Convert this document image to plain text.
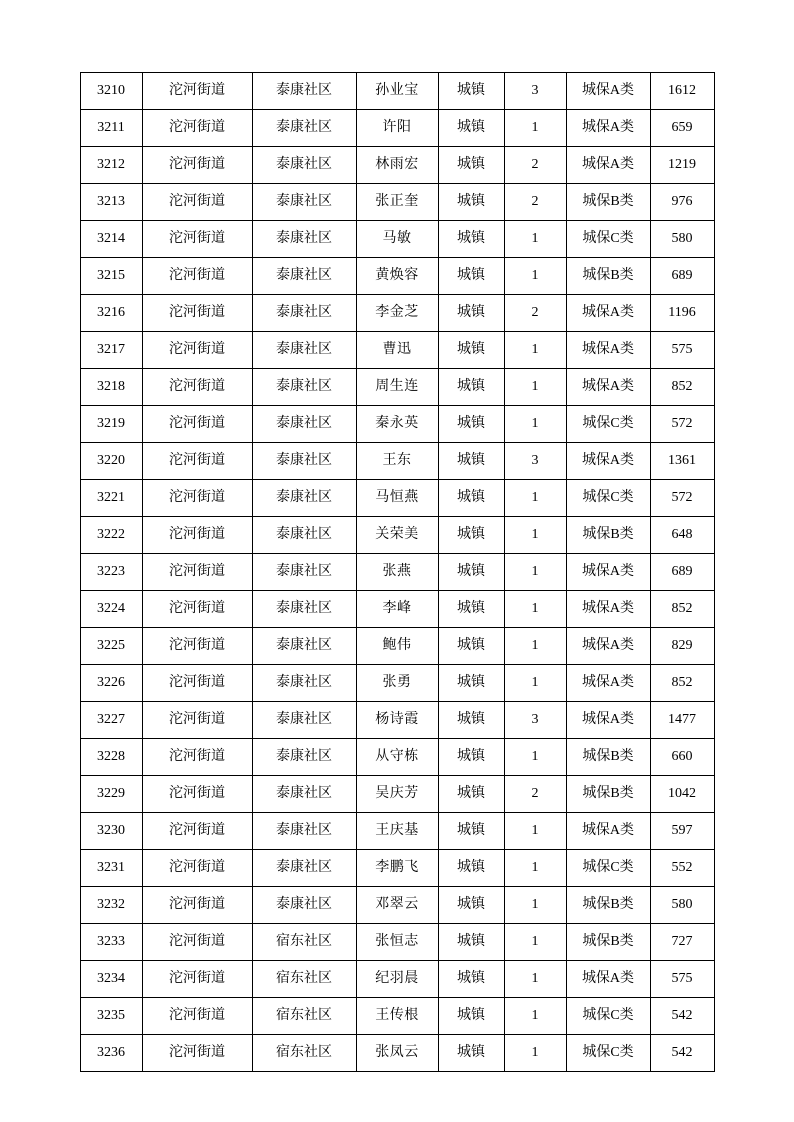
3210	沱河街道	泰康社区	孙业宝	城镇	3	城保A类	1612
3211	沱河街道	泰康社区	许阳	城镇	1	城保A类	659
3212	沱河街道	泰康社区	林雨宏	城镇	2	城保A类	1219
3213	沱河街道	泰康社区	张正奎	城镇	2	城保B类	976
3214	沱河街道	泰康社区	马敏	城镇	1	城保C类	580
3215	沱河街道	泰康社区	黄焕容	城镇	1	城保B类	689
3216	沱河街道	泰康社区	李金芝	城镇	2	城保A类	1196
3217	沱河街道	泰康社区	曹迅	城镇	1	城保A类	575
3218	沱河街道	泰康社区	周生连	城镇	1	城保A类	852
3219	沱河街道	泰康社区	秦永英	城镇	1	城保C类	572
3220	沱河街道	泰康社区	王东	城镇	3	城保A类	1361
3221	沱河街道	泰康社区	马恒燕	城镇	1	城保C类	572
3222	沱河街道	泰康社区	关荣美	城镇	1	城保B类	648
3223	沱河街道	泰康社区	张燕	城镇	1	城保A类	689
3224	沱河街道	泰康社区	李峰	城镇	1	城保A类	852
3225	沱河街道	泰康社区	鲍伟	城镇	1	城保A类	829
3226	沱河街道	泰康社区	张勇	城镇	1	城保A类	852
3227	沱河街道	泰康社区	杨诗霞	城镇	3	城保A类	1477
3228	沱河街道	泰康社区	从守栋	城镇	1	城保B类	660
3229	沱河街道	泰康社区	吴庆芳	城镇	2	城保B类	1042
3230	沱河街道	泰康社区	王庆基	城镇	1	城保A类	597
3231	沱河街道	泰康社区	李鹏飞	城镇	1	城保C类	552
3232	沱河街道	泰康社区	邓翠云	城镇	1	城保B类	580
3233	沱河街道	宿东社区	张恒志	城镇	1	城保B类	727
3234	沱河街道	宿东社区	纪羽晨	城镇	1	城保A类	575
3235	沱河街道	宿东社区	王传根	城镇	1	城保C类	542
3236	沱河街道	宿东社区	张凤云	城镇	1	城保C类	542
